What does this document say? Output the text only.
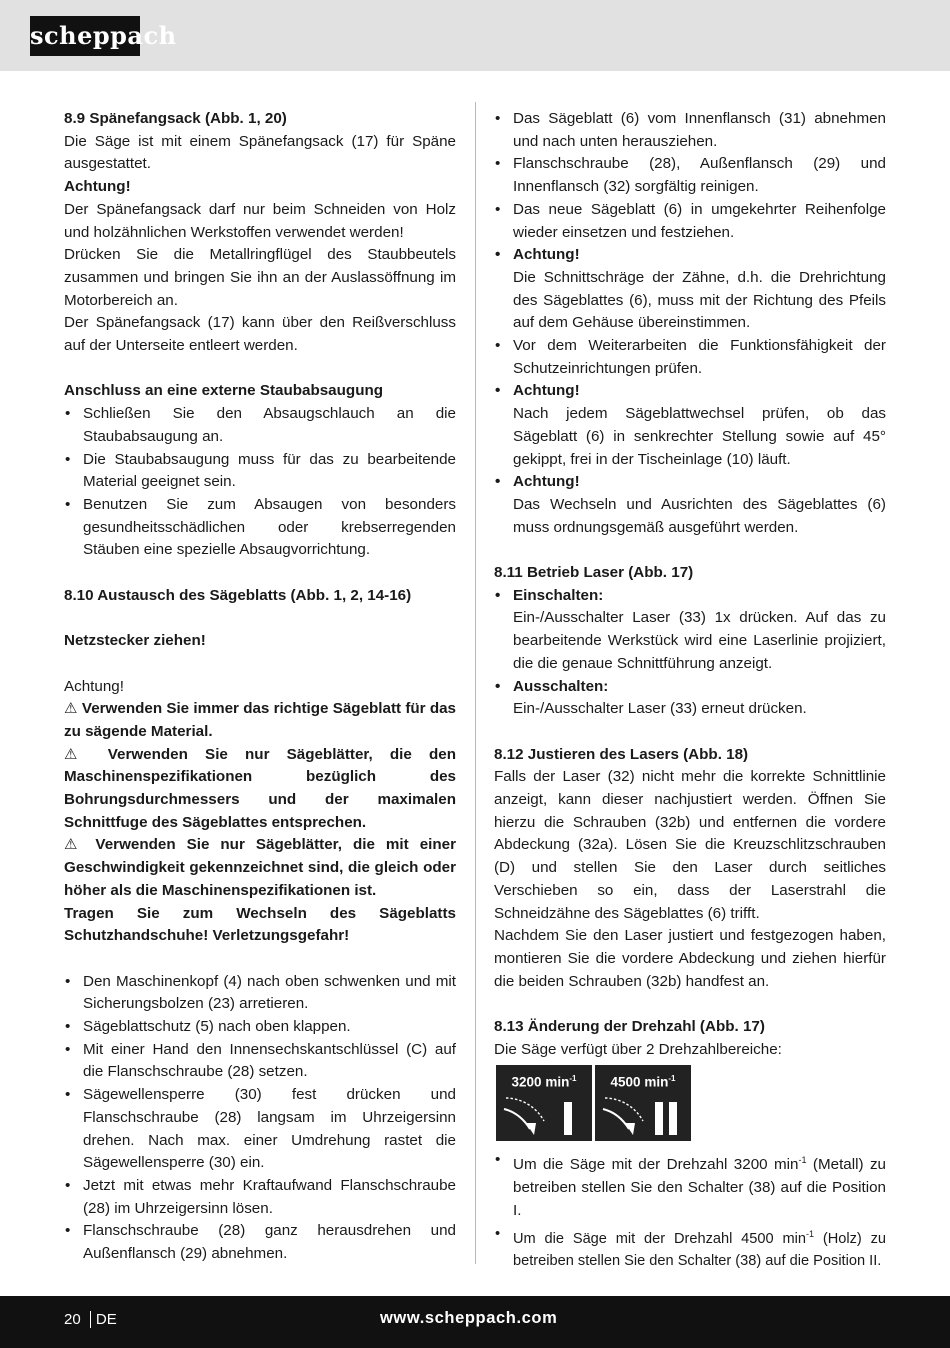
scheppach

8.9 Spänefangsack (Abb. 1, 20)

Die Säge ist mit einem Spänefangsack (17) für Späne ausgestattet.

Achtung!

Der Spänefangsack darf nur beim Schneiden von Holz und holzähnlichen Werkstoffen verwendet werden!

Drücken Sie die Metallringflügel des Staubbeutels zusammen und bringen Sie ihn an der Auslassöffnung im Motorbereich an.

Der Spänefangsack (17) kann über den Reißverschluss auf der Unterseite entleert werden.

Anschluss an eine externe Staubabsaugung

• Schließen Sie den Absaugschlauch an die Staubabsaugung an.
• Die Staubabsaugung muss für das zu bearbeitende Material geeignet sein.
• Benutzen Sie zum Absaugen von besonders gesundheitsschädlichen oder krebserregenden Stäuben eine spezielle Absaugvorrichtung.

8.10 Austausch des Sägeblatts (Abb. 1, 2, 14-16)

Netzstecker ziehen!

Achtung!

⚠ Verwenden Sie immer das richtige Sägeblatt für das zu sägende Material.

⚠ Verwenden Sie nur Sägeblätter, die den Maschinenspezifikationen bezüglich des Bohrungsdurchmessers und der maximalen Schnittfuge des Sägeblattes entsprechen.

⚠ Verwenden Sie nur Sägeblätter, die mit einer Geschwindigkeit gekennzeichnet sind, die gleich oder höher als die Maschinenspezifikationen ist.

Tragen Sie zum Wechseln des Sägeblatts Schutzhandschuhe! Verletzungsgefahr!

• Den Maschinenkopf (4) nach oben schwenken und mit Sicherungsbolzen (23) arretieren.
• Sägeblattschutz (5) nach oben klappen.
• Mit einer Hand den Innensechskantschlüssel (C) auf die Flanschschraube (28) setzen.
• Sägewellensperre (30) fest drücken und Flanschschraube (28) langsam im Uhrzeigersinn drehen. Nach max. einer Umdrehung rastet die Sägewellensperre (30) ein.
• Jetzt mit etwas mehr Kraftaufwand Flanschschraube (28) im Uhrzeigersinn lösen.
• Flanschschraube (28) ganz herausdrehen und Außenflansch (29) abnehmen.
• Das Sägeblatt (6) vom Innenflansch (31) abnehmen und nach unten herausziehen.
• Flanschschraube (28), Außenflansch (29) und Innenflansch (32) sorgfältig reinigen.
• Das neue Sägeblatt (6) in umgekehrter Reihenfolge wieder einsetzen und festziehen.
• Achtung!
Die Schnittschräge der Zähne, d.h. die Drehrichtung des Sägeblattes (6), muss mit der Richtung des Pfeils auf dem Gehäuse übereinstimmen.
• Vor dem Weiterarbeiten die Funktionsfähigkeit der Schutzeinrichtungen prüfen.
• Achtung!
Nach jedem Sägeblattwechsel prüfen, ob das Sägeblatt (6) in senkrechter Stellung sowie auf 45° gekippt, frei in der Tischeinlage (10) läuft.
• Achtung!
Das Wechseln und Ausrichten des Sägeblattes (6) muss ordnungsgemäß ausgeführt werden.

8.11 Betrieb Laser (Abb. 17)

• Einschalten:
Ein-/Ausschalter Laser (33) 1x drücken. Auf das zu bearbeitende Werkstück wird eine Laserlinie projiziert, die die genaue Schnittführung anzeigt.
• Ausschalten:
Ein-/Ausschalter Laser (33) erneut drücken.

8.12 Justieren des Lasers (Abb. 18)

Falls der Laser (32) nicht mehr die korrekte Schnittlinie anzeigt, kann dieser nachjustiert werden. Öffnen Sie hierzu die Schrauben (32b) und entfernen die vordere Abdeckung (32a). Lösen Sie die Kreuzschlitzschrauben (D) und stellen Sie den Laser durch seitliches Verschieben so ein, dass der Laserstrahl die Schneidzähne des Sägeblattes (6) trifft.

Nachdem Sie den Laser justiert und festgezogen haben, montieren Sie die vordere Abdeckung und ziehen hierfür die beiden Schrauben (32b) handfest an.

8.13 Änderung der Drehzahl (Abb. 17)

Die Säge verfügt über 2 Drehzahlbereiche:

3200 $\min^{-1}$	4500 $\min^{-1}$
• Um die Säge mit der Drehzahl 3200 $\min^{-1}$ (Metall) zu betreiben stellen Sie den Schalter (38) auf die Position I.
• Um die Säge mit der Drehzahl 4500 $\min^{-1}$ (Holz) zu betreiben stellen Sie den Schalter (38) auf die Position II.
20 DE	www.scheppach.com
